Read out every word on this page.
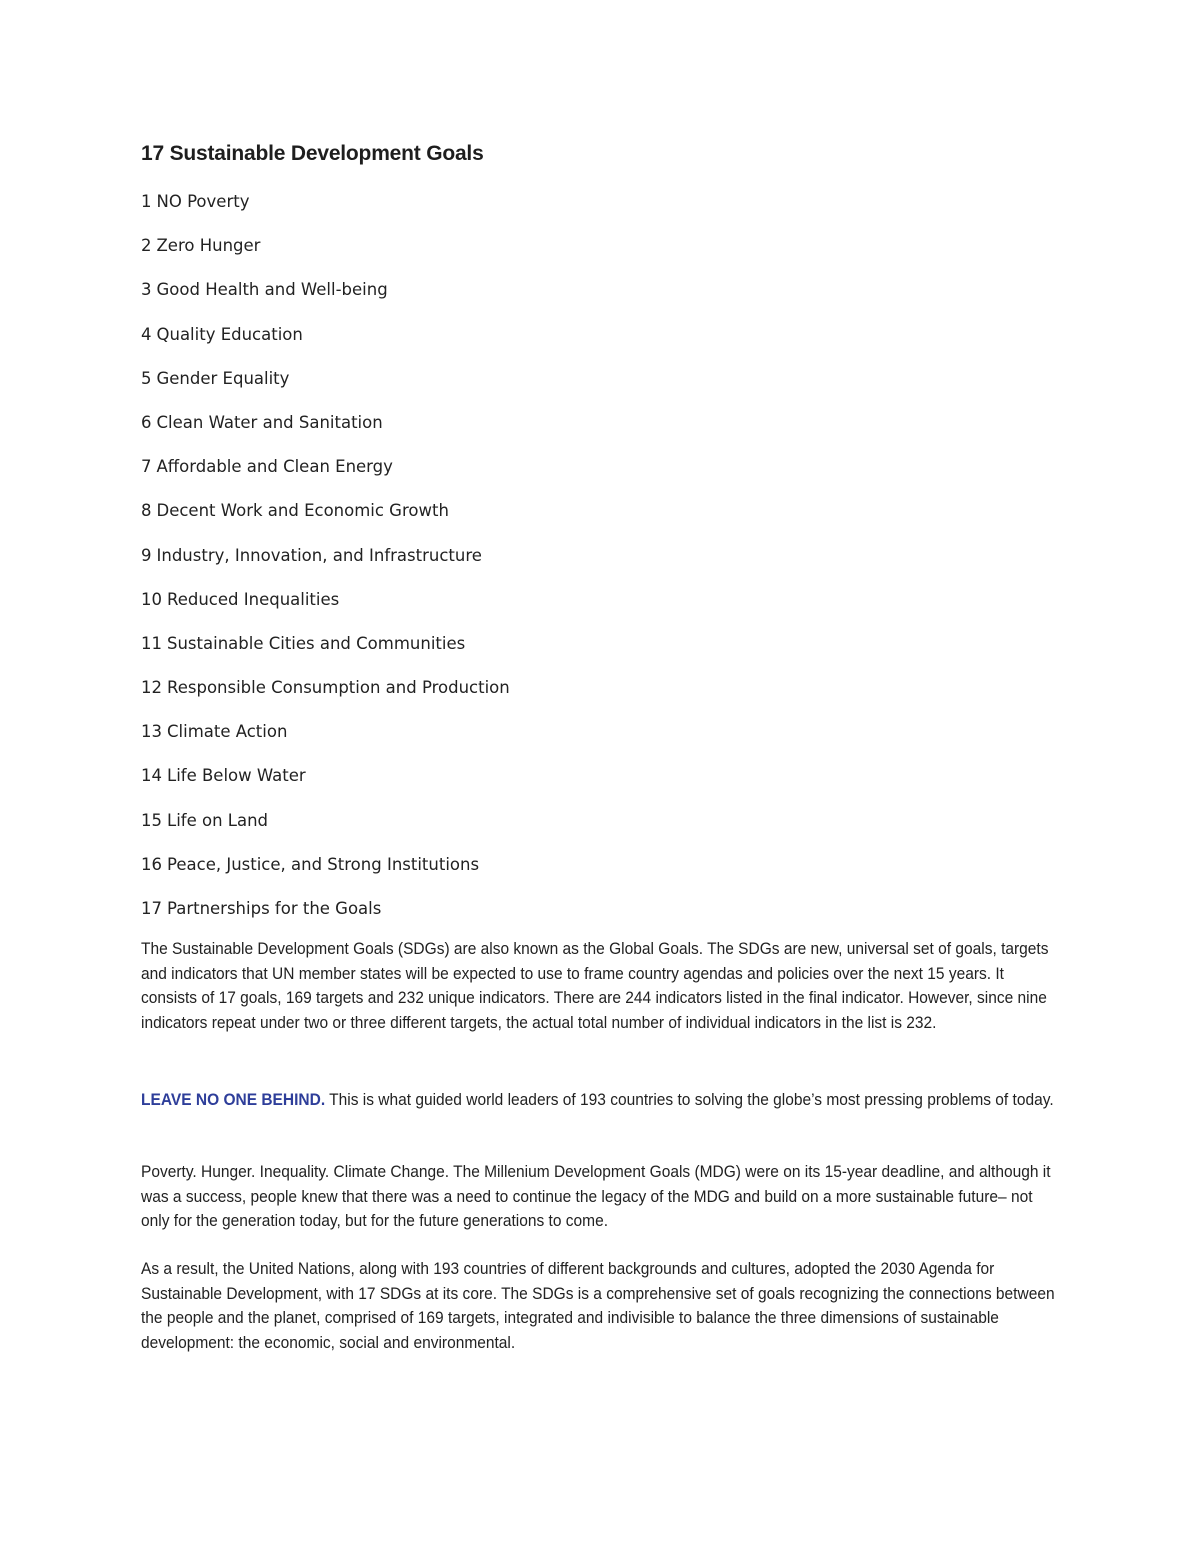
17 Sustainable Development Goals
1 NO Poverty
2 Zero Hunger
3 Good Health and Well-being
4 Quality Education
5 Gender Equality
6 Clean Water and Sanitation
7 Affordable and Clean Energy
8 Decent Work and Economic Growth
9 Industry, Innovation, and Infrastructure
10 Reduced Inequalities
11 Sustainable Cities and Communities
12 Responsible Consumption and Production
13 Climate Action
14 Life Below Water
15 Life on Land
16 Peace, Justice, and Strong Institutions
17 Partnerships for the Goals

The Sustainable Development Goals (SDGs) are also known as the Global Goals. The SDGs are new, universal set of goals, targets and indicators that UN member states will be expected to use to frame country agendas and policies over the next 15 years. It consists of 17 goals, 169 targets and 232 unique indicators. There are 244 indicators listed in the final indicator. However, since nine indicators repeat under two or three different targets, the actual total number of individual indicators in the list is 232.

LEAVE NO ONE BEHIND. This is what guided world leaders of 193 countries to solving the globe’s most pressing problems of today.

Poverty. Hunger. Inequality. Climate Change. The Millenium Development Goals (MDG) were on its 15-year deadline, and although it was a success, people knew that there was a need to continue the legacy of the MDG and build on a more sustainable future– not only for the generation today, but for the future generations to come.

As a result, the United Nations, along with 193 countries of different backgrounds and cultures, adopted the 2030 Agenda for Sustainable Development, with 17 SDGs at its core. The SDGs is a comprehensive set of goals recognizing the connections between the people and the planet, comprised of 169 targets, integrated and indivisible to balance the three dimensions of sustainable development: the economic, social and environmental.
